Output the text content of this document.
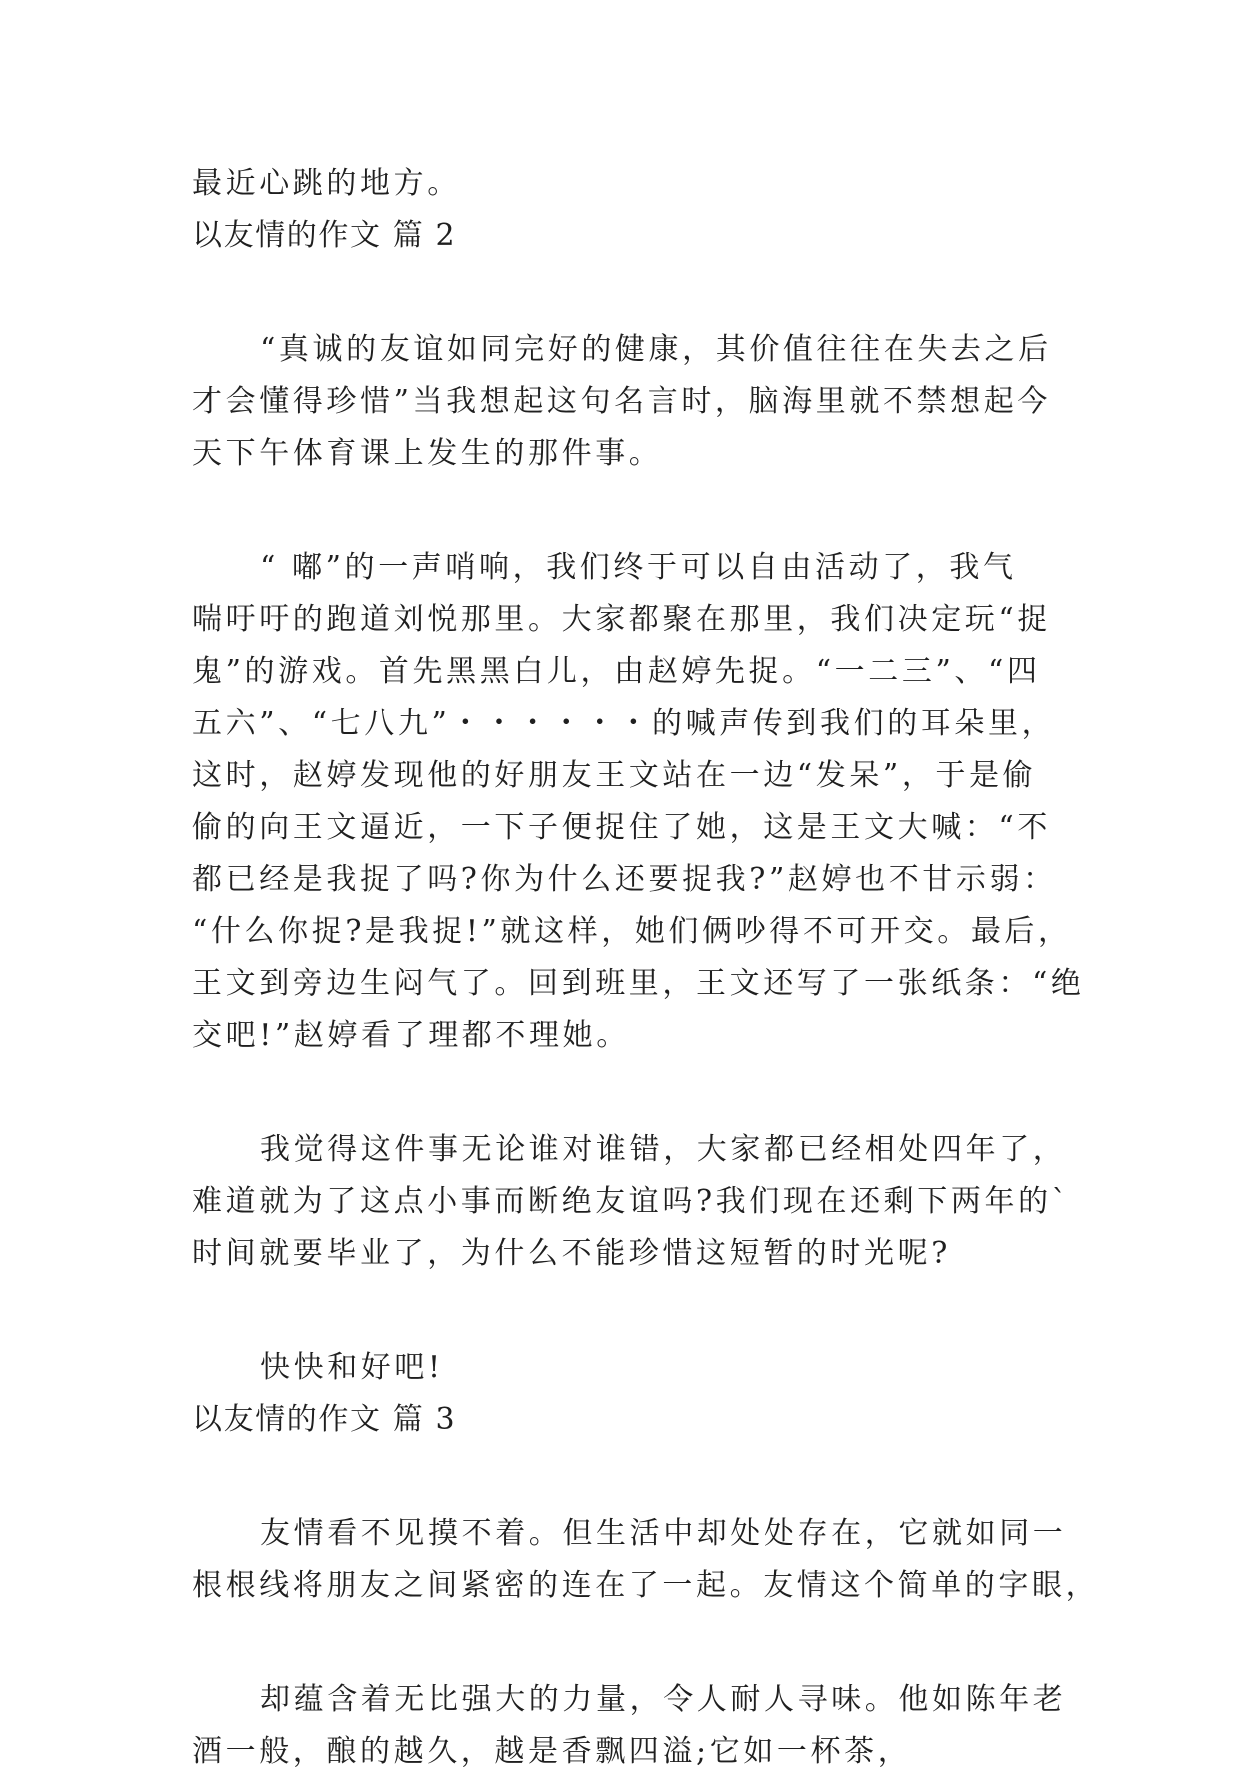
最近心跳的地方。
以友情的作文 篇 2
“真诚的友谊如同完好的健康，其价值往往在失去之后
才会懂得珍惜”当我想起这句名言时，脑海里就不禁想起今
天下午体育课上发生的那件事。
“ 嘟”的一声哨响，我们终于可以自由活动了，我气
喘吁吁的跑道刘悦那里。大家都聚在那里，我们决定玩“捉
鬼”的游戏。首先黑黑白儿，由赵婷先捉。“一二三”、“四
五六”、“七八九”・・・・・・的喊声传到我们的耳朵里，
这时，赵婷发现他的好朋友王文站在一边“发呆”，于是偷
偷的向王文逼近，一下子便捉住了她，这是王文大喊：“不
都已经是我捉了吗?你为什么还要捉我?”赵婷也不甘示弱：
“什么你捉?是我捉!”就这样，她们俩吵得不可开交。最后，
王文到旁边生闷气了。回到班里，王文还写了一张纸条：“绝
交吧!”赵婷看了理都不理她。
我觉得这件事无论谁对谁错，大家都已经相处四年了，
难道就为了这点小事而断绝友谊吗?我们现在还剩下两年的`
时间就要毕业了，为什么不能珍惜这短暂的时光呢?
快快和好吧!
以友情的作文 篇 3
友情看不见摸不着。但生活中却处处存在，它就如同一
根根线将朋友之间紧密的连在了一起。友情这个简单的字眼，
却蕴含着无比强大的力量，令人耐人寻味。他如陈年老
酒一般，酿的越久，越是香飘四溢;它如一杯茶，
